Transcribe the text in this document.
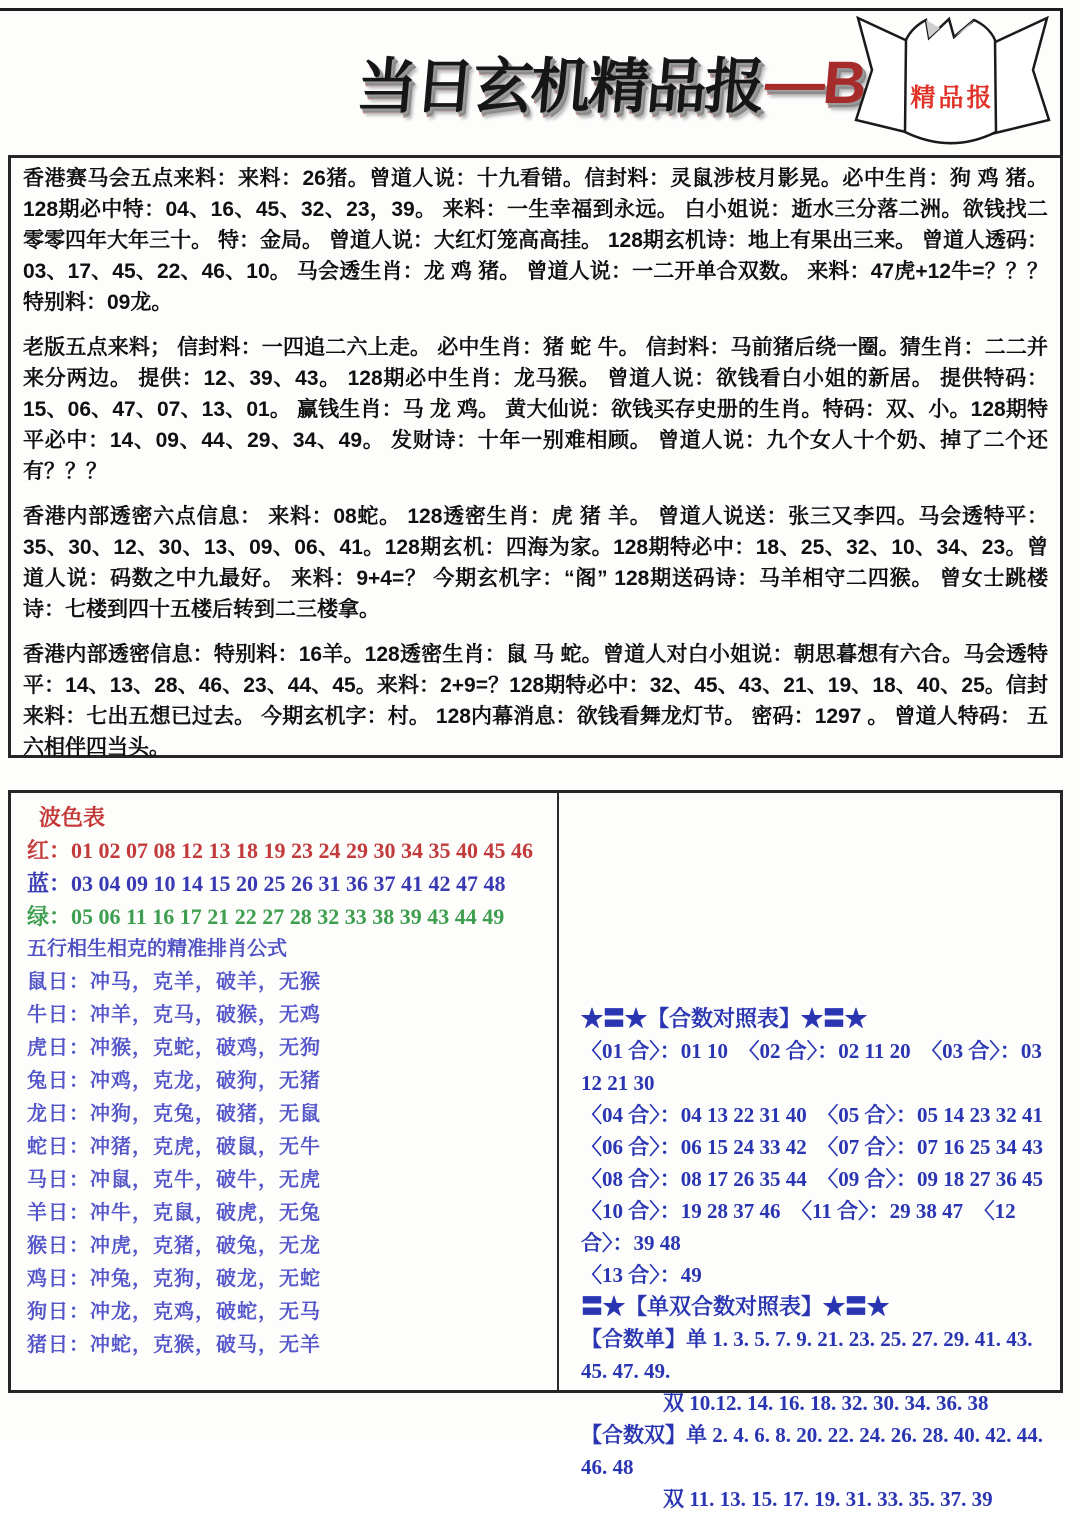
当日玄机精品报
—B 精品报

香港赛马会五点来料：来料：26猪。曾道人说：十九看错。信封料：灵鼠涉枝月影晃。必中生肖：狗 鸡 猪。128期必中特：04、16、45、32、23，39。 来料：一生幸福到永远。 白小姐说：逝水三分落二洲。欲钱找二零零四年大年三十。 特：金局。 曾道人说：大红灯笼高高挂。 128期玄机诗：地上有果出三来。 曾道人透码：03、17、45、22、46、10。 马会透生肖：龙 鸡 猪。 曾道人说：一二开单合双数。 来料：47虎+12牛=？？？特别料：09龙。

老版五点来料； 信封料：一四追二六上走。 必中生肖：猪 蛇 牛。 信封料：马前猪后绕一圈。猜生肖：二二并来分两边。 提供：12、39、43。 128期必中生肖：龙马猴。 曾道人说：欲钱看白小姐的新居。 提供特码：15、06、47、07、13、01。 赢钱生肖：马 龙 鸡。 黄大仙说：欲钱买存史册的生肖。特码：双、小。128期特平必中：14、09、44、29、34、49。 发财诗：十年一别难相顾。 曾道人说：九个女人十个奶、掉了二个还有？？？

香港内部透密六点信息： 来料：08蛇。 128透密生肖：虎 猪 羊。 曾道人说送：张三又李四。马会透特平：35、30、12、30、13、09、06、41。128期玄机：四海为家。128期特必中：18、25、32、10、34、23。曾道人说：码数之中九最好。 来料：9+4=？ 今期玄机字：“阁” 128期送码诗：马羊相守二四猴。 曾女士跳楼诗：七楼到四十五楼后转到二三楼拿。

香港内部透密信息：特别料：16羊。128透密生肖：鼠 马 蛇。曾道人对白小姐说：朝思暮想有六合。马会透特平：14、13、28、46、23、44、45。来料：2+9=？128期特必中：32、45、43、21、19、18、40、25。信封来料：七出五想已过去。 今期玄机字：村。 128内幕消息：欲钱看舞龙灯节。 密码：1297 。 曾道人特码： 五六相伴四当头。

波色表
红：01 02 07 08 12 13 18 19 23 24 29 30 34 35 40 45 46
蓝：03 04 09 10 14 15 20 25 26 31 36 37 41 42 47 48
绿：05 06 11 16 17 21 22 27 28 32 33 38 39 43 44 49
五行相生相克的精准排肖公式
鼠日：冲马，克羊，破羊，无猴
牛日：冲羊，克马，破猴，无鸡
虎日：冲猴，克蛇，破鸡，无狗
兔日：冲鸡，克龙，破狗，无猪
龙日：冲狗，克兔，破猪，无鼠
蛇日：冲猪，克虎，破鼠，无牛
马日：冲鼠，克牛，破牛，无虎
羊日：冲牛，克鼠，破虎，无兔
猴日：冲虎，克猪，破兔，无龙
鸡日：冲兔，克狗，破龙，无蛇
狗日：冲龙，克鸡，破蛇，无马
猪日：冲蛇，克猴，破马，无羊
★〓★【合数对照表】★〓★
〈01 合〉：01 10　〈02 合〉：02 11 20　〈03 合〉：03 12 21 30
〈04 合〉：04 13 22 31 40　〈05 合〉：05 14 23 32 41
〈06 合〉：06 15 24 33 42　〈07 合〉：07 16 25 34 43
〈08 合〉：08 17 26 35 44　〈09 合〉：09 18 27 36 45
〈10 合〉：19 28 37 46　〈11 合〉：29 38 47　〈12 合〉：39 48
〈13 合〉：49
〓★【单双合数对照表】★〓★
【合数单】单 1. 3. 5. 7. 9. 21. 23. 25. 27. 29. 41. 43. 45. 47. 49.
双 10.12. 14. 16. 18. 32. 30. 34. 36. 38
【合数双】单 2. 4. 6. 8. 20. 22. 24. 26. 28. 40. 42. 44. 46. 48
双 11. 13. 15. 17. 19. 31. 33. 35. 37. 39
